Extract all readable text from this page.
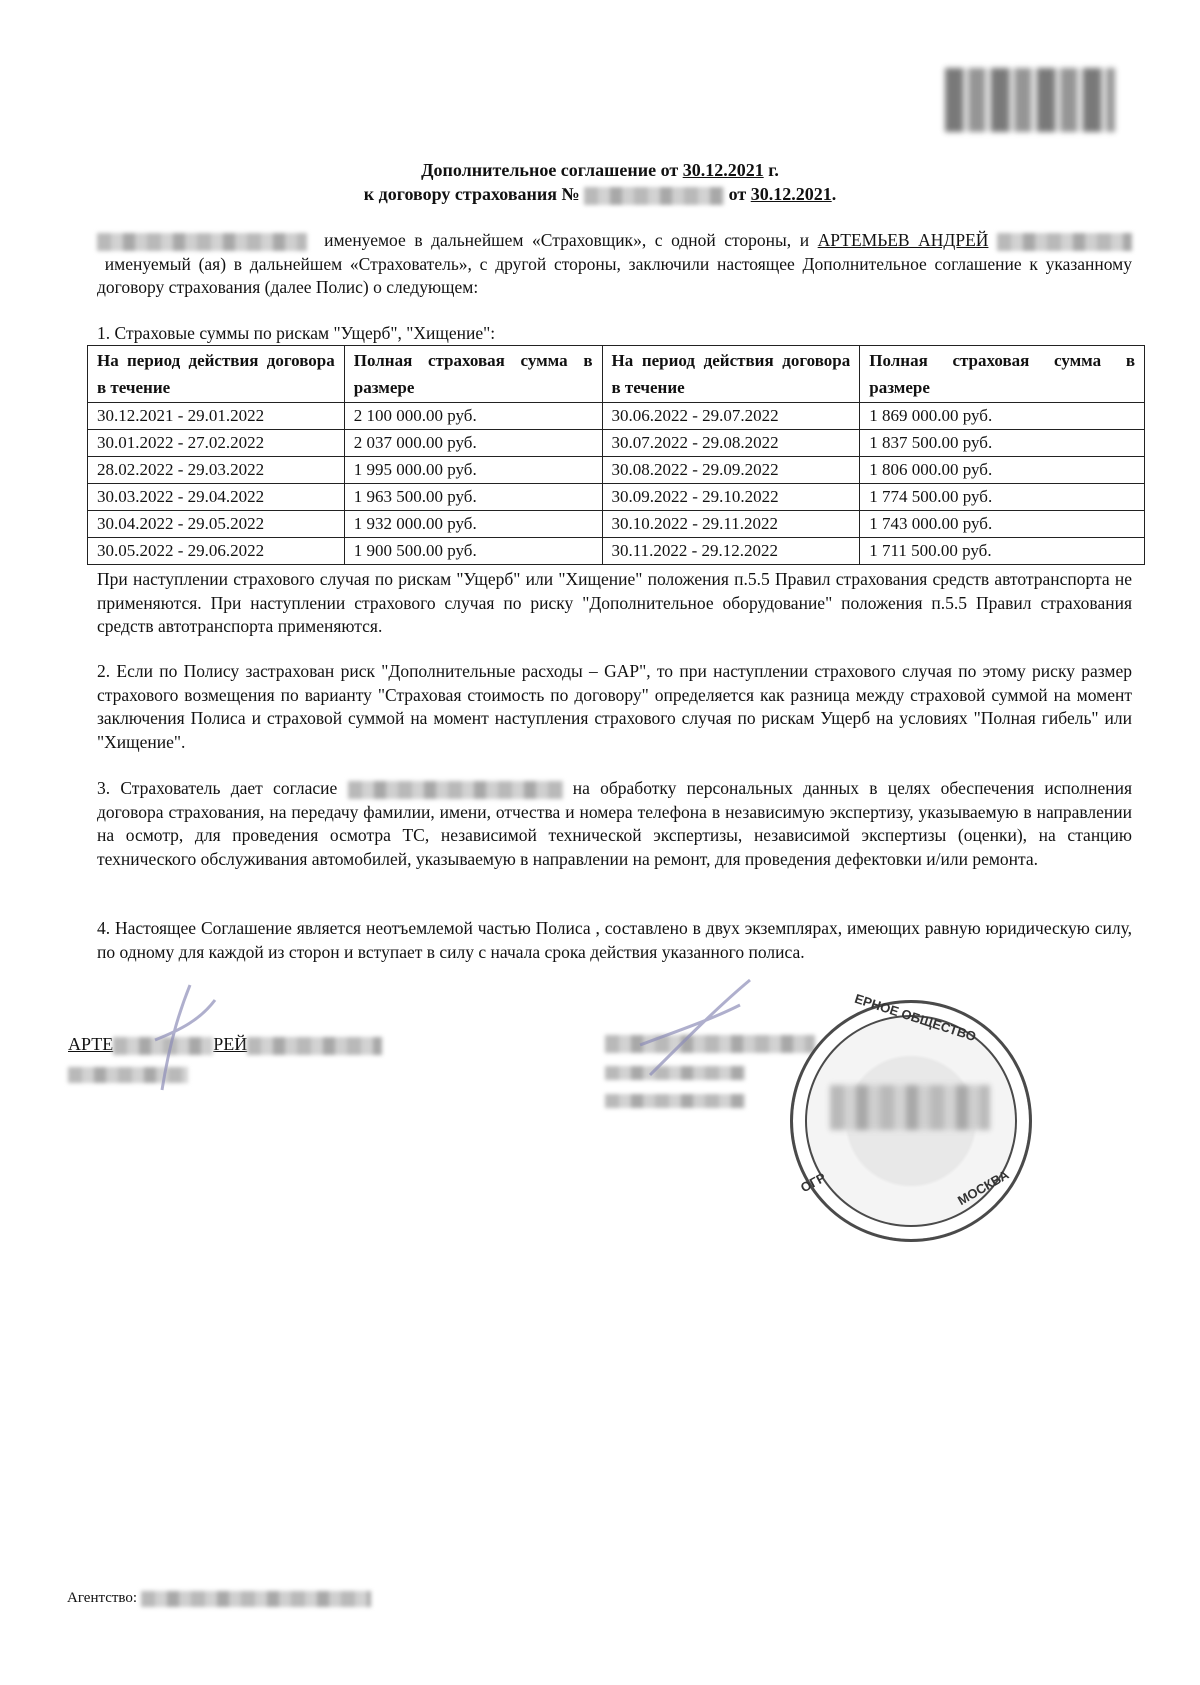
Дополнительное соглашение от 30.12.2021 г.
к договору страхования №	от 30.12.2021.
именуемое в дальнейшем «Страховщик», с одной стороны, и АРТЕМЬЕВ АНДРЕЙ   именуемый (ая) в дальнейшем «Страхователь», с другой стороны, заключили настоящее Дополнительное соглашение к указанному договору страхования (далее Полис) о следующем:
1. Страховые суммы по рискам "Ущерб", "Хищение":
На период действия договора в течение	Полная страховая сумма в размере	На период действия договора в течение	Полная страховая сумма в размере
30.12.2021 - 29.01.2022	2 100 000.00 руб.	30.06.2022 - 29.07.2022	1 869 000.00 руб.
30.01.2022 - 27.02.2022	2 037 000.00 руб.	30.07.2022 - 29.08.2022	1 837 500.00 руб.
28.02.2022 - 29.03.2022	1 995 000.00 руб.	30.08.2022 - 29.09.2022	1 806 000.00 руб.
30.03.2022 - 29.04.2022	1 963 500.00 руб.	30.09.2022 - 29.10.2022	1 774 500.00 руб.
30.04.2022 - 29.05.2022	1 932 000.00 руб.	30.10.2022 - 29.11.2022	1 743 000.00 руб.
30.05.2022 - 29.06.2022	1 900 500.00 руб.	30.11.2022 - 29.12.2022	1 711 500.00 руб.
При наступлении страхового случая по рискам "Ущерб" или "Хищение" положения п.5.5 Правил страхования средств автотранспорта не применяются. При наступлении страхового случая по риску "Дополнительное оборудование" положения п.5.5 Правил страхования средств автотранспорта применяются.
2. Если по Полису застрахован риск "Дополнительные расходы – GAP", то при наступлении страхового случая по этому риску размер страхового возмещения по варианту "Страховая стоимость по договору" определяется как разница между страховой суммой на момент заключения Полиса и страховой суммой на момент наступления страхового случая по рискам Ущерб на условиях "Полная гибель" или "Хищение".
3. Страхователь дает согласие	на обработку персональных данных в целях обеспечения исполнения договора страхования, на передачу фамилии, имени, отчества и номера телефона в независимую экспертизу, указываемую в направлении на осмотр, для проведения осмотра ТС, независимой технической экспертизы, независимой экспертизы (оценки), на станцию технического обслуживания автомобилей, указываемую в направлении на ремонт, для проведения дефектовки и/или ремонта.
4. Настоящее Соглашение является неотъемлемой частью Полиса , составлено в двух экземплярах, имеющих равную юридическую силу, по одному для каждой из сторон и вступает в силу с начала срока действия указанного полиса.
АРТЕ	РЕЙ	ЕРНОЕ ОБЩЕСТВО
ОГР	МОСКВА
Агентство:
